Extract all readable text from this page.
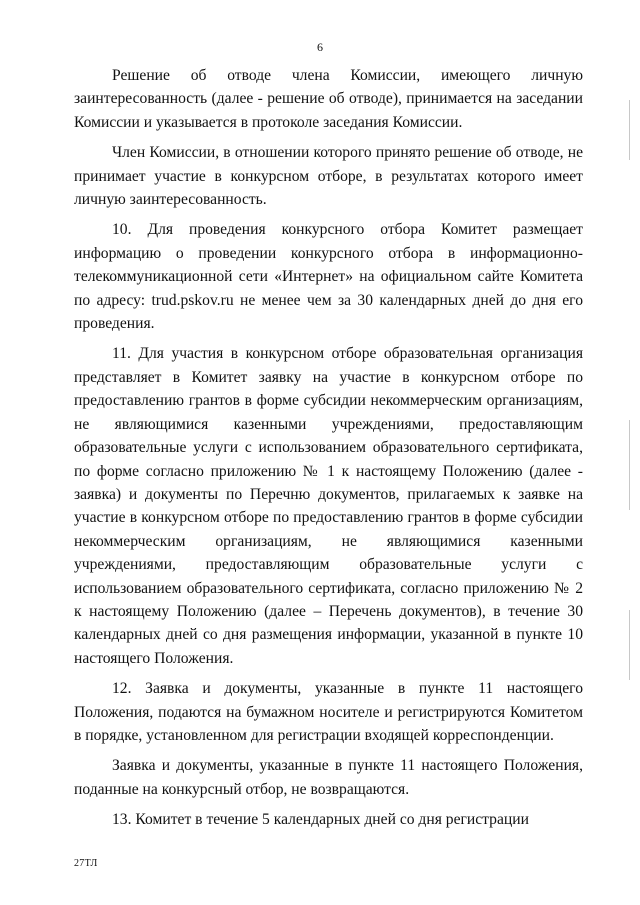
6

Решение об отводе члена Комиссии, имеющего личную заинтересованность (далее - решение об отводе), принимается на заседании Комиссии и указывается в протоколе заседания Комиссии.

Член Комиссии, в отношении которого принято решение об отводе, не принимает участие в конкурсном отборе, в результатах которого имеет личную заинтересованность.

10. Для проведения конкурсного отбора Комитет размещает информацию о проведении конкурсного отбора в информационно-телекоммуникационной сети «Интернет» на официальном сайте Комитета по адресу: trud.pskov.ru не менее чем за 30 календарных дней до дня его проведения.

11. Для участия в конкурсном отборе образовательная организация представляет в Комитет заявку на участие в конкурсном отборе по предоставлению грантов в форме субсидии некоммерческим организациям, не являющимися казенными учреждениями, предоставляющим образовательные услуги с использованием образовательного сертификата, по форме согласно приложению № 1 к настоящему Положению (далее - заявка) и документы по Перечню документов, прилагаемых к заявке на участие в конкурсном отборе по предоставлению грантов в форме субсидии некоммерческим организациям, не являющимися казенными учреждениями, предоставляющим образовательные услуги с использованием образовательного сертификата, согласно приложению № 2 к настоящему Положению (далее – Перечень документов), в течение 30 календарных дней со дня размещения информации, указанной в пункте 10 настоящего Положения.

12. Заявка и документы, указанные в пункте 11 настоящего Положения, подаются на бумажном носителе и регистрируются Комитетом в порядке, установленном для регистрации входящей корреспонденции.

Заявка и документы, указанные в пункте 11 настоящего Положения, поданные на конкурсный отбор, не возвращаются.

13. Комитет в течение 5 календарных дней со дня регистрации

27ТЛ
